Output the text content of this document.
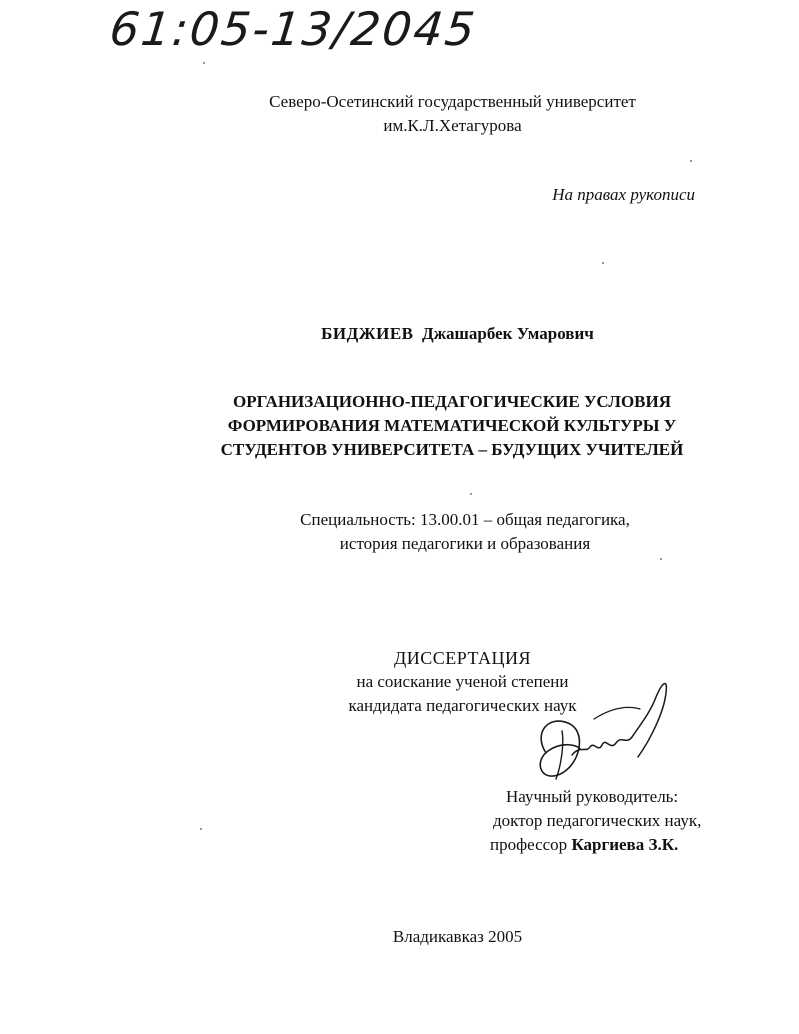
61:05-13/2045
Северо-Осетинский государственный университет
им.К.Л.Хетагурова
На правах рукописи
БИДЖИЕВ Джашарбек Умарович
ОРГАНИЗАЦИОННО-ПЕДАГОГИЧЕСКИЕ УСЛОВИЯ
ФОРМИРОВАНИЯ МАТЕМАТИЧЕСКОЙ КУЛЬТУРЫ У
СТУДЕНТОВ УНИВЕРСИТЕТА – БУДУЩИХ УЧИТЕЛЕЙ
Специальность: 13.00.01 – общая педагогика,
история педагогики и образования
ДИССЕРТАЦИЯ
на соискание ученой степени
кандидата педагогических наук
Научный руководитель:
доктор педагогических наук,
профессор Каргиева З.К.
Владикавказ 2005
